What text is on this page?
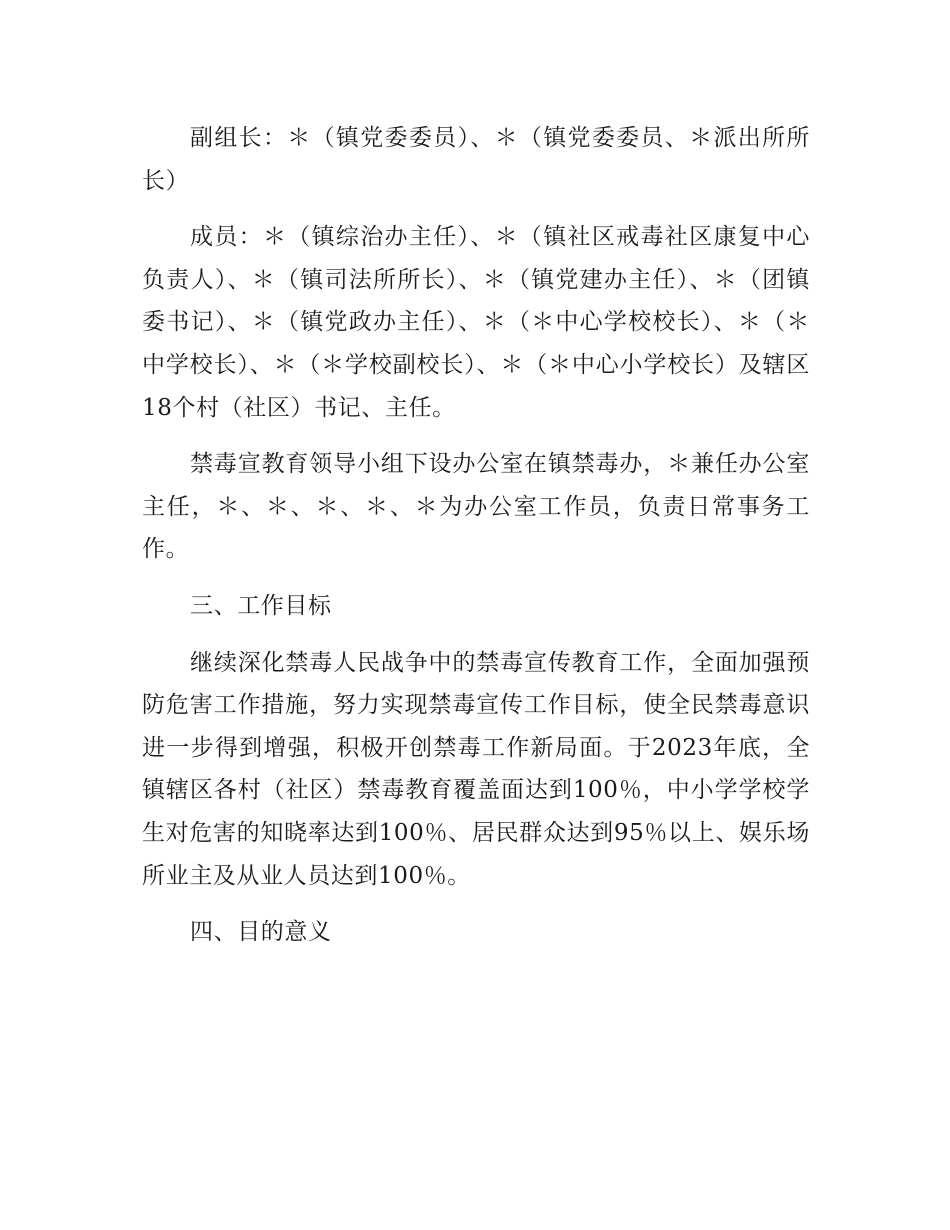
副组长：＊（镇党委委员）、＊（镇党委委员、＊派出所所长）

成员：＊（镇综治办主任）、＊（镇社区戒毒社区康复中心负责人）、＊（镇司法所所长）、＊（镇党建办主任）、＊（团镇委书记）、＊（镇党政办主任）、＊（＊中心学校校长）、＊（＊中学校长）、＊（＊学校副校长）、＊（＊中心小学校长）及辖区18个村（社区）书记、主任。

禁毒宣教育领导小组下设办公室在镇禁毒办，＊兼任办公室主任，＊、＊、＊、＊、＊为办公室工作员，负责日常事务工作。

三、工作目标

继续深化禁毒人民战争中的禁毒宣传教育工作，全面加强预防危害工作措施，努力实现禁毒宣传工作目标，使全民禁毒意识进一步得到增强，积极开创禁毒工作新局面。于2023年底，全镇辖区各村（社区）禁毒教育覆盖面达到100％，中小学学校学生对危害的知晓率达到100％、居民群众达到95％以上、娱乐场所业主及从业人员达到100％。

四、目的意义
